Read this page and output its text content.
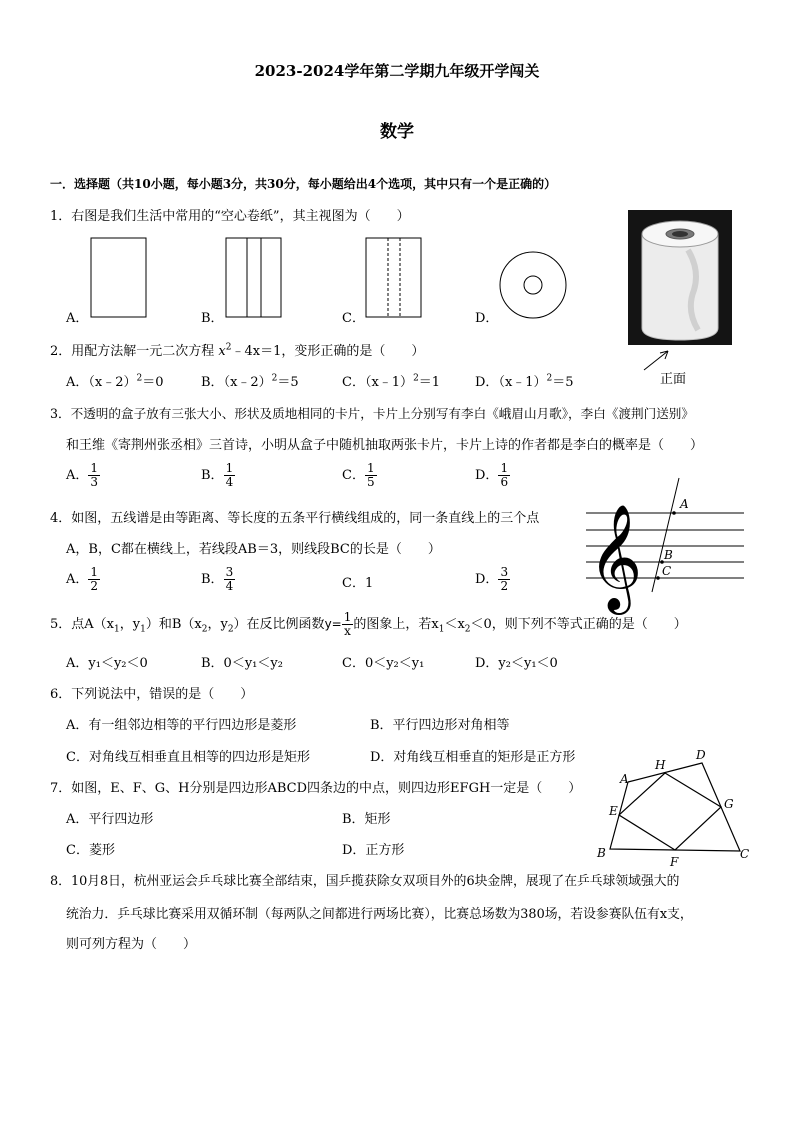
2023-2024学年第二学期九年级开学闯关
数学
一．选择题（共10小题，每小题3分，共30分，每小题给出4个选项，其中只有一个是正确的）
1．右图是我们生活中常用的“空心卷纸”，其主视图为（　　）
A．	B．	C．	D．
正面
2．用配方法解一元二次方程 $x^2﹣4x=1$，变形正确的是（　　）
A．（x﹣2）$^2$＝0	B．（x﹣2）$^2$＝5	C．（x﹣1）$^2$＝1	D．（x﹣1）$^2$＝5
3．不透明的盒子放有三张大小、形状及质地相同的卡片，卡片上分别写有李白《峨眉山月歌》，李白《渡荆门送别》
和王维《寄荆州张丞相》三首诗，小明从盒子中随机抽取两张卡片，卡片上诗的作者都是李白的概率是（　　）
A． $\frac{1}{3}$	B． $\frac{1}{4}$	C． $\frac{1}{5}$	D． $\frac{1}{6}$
4．如图，五线谱是由等距离、等长度的五条平行横线组成的，同一条直线上的三个点
A，B，C都在横线上，若线段AB＝3，则线段BC的长是（　　）
A． $\frac{1}{2}$	B． $\frac{3}{4}$	C．1	D． $\frac{3}{2}$ 𝄞	A
B
C
5．点$A(x_1$，$y_1$）和$B(x_2$，$y_2$）在反比例函数$y= \frac{1}{x}$ 的图象上，若$x_1<x_2<0$，则下列不等式正确的是（　　）
A．y₁＜y₂＜0	B．0＜y₁＜y₂	C．0＜y₂＜y₁	D．y₂＜y₁＜0
6．下列说法中，错误的是（　　）
A．有一组邻边相等的平行四边形是菱形	B．平行四边形对角相等
C．对角线互相垂直且相等的四边形是矩形	D．对角线互相垂直的矩形是正方形
7．如图，E、F、G、H分别是四边形ABCD四条边的中点，则四边形EFGH一定是（　　）
A．平行四边形	B．矩形
C．菱形	D．正方形
A
B	C
D
E
F
G
H
8．10月8日，杭州亚运会乒乓球比赛全部结束，国乒揽获除女双项目外的6块金牌，展现了在乒乓球领域强大的
统治力．乒乓球比赛采用双循环制（每两队之间都进行两场比赛），比赛总场数为380场，若设参赛队伍有x支，
则可列方程为（　　）
